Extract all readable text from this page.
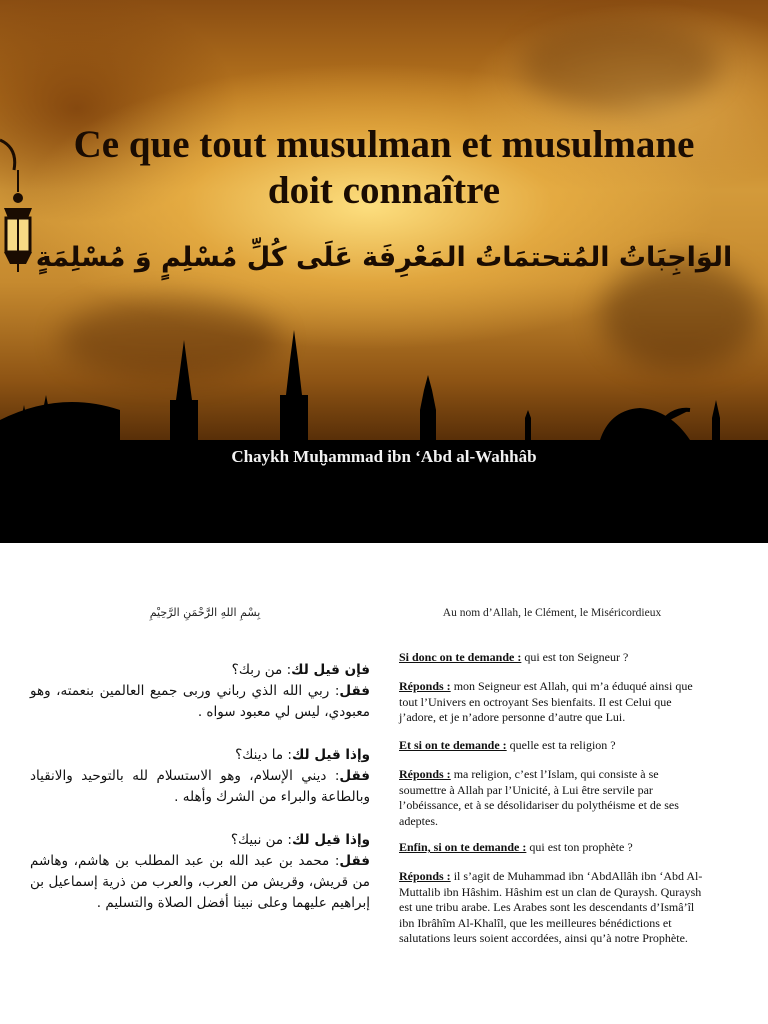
Ce que tout musulman et musulmane
doit connaître
الوَاجِبَاتُ المُتحتمَاتُ المَعْرِفَة عَلَى كُلِّ مُسْلِمٍ وَ مُسْلِمَةٍ
Chaykh Muḫammad ibn ‘Abd al-Wahhâb
بِسْمِ اللهِ الرَّحْمَنِ الرَّحِيْمِ	Au nom d’Allah, le Clément, le Miséricordieux

فإن قيل لك: من ربك؟

فقل: ربي الله الذي رباني وربى جميع العالمين بنعمته، وهو معبودي، ليس لي معبود سواه .

وإذا قيل لك: ما دينك؟

فقل: ديني الإسلام، وهو الاستسلام لله بالتوحيد والانقياد وبالطاعة والبراء من الشرك وأهله .

وإذا قيل لك: من نبيك؟

فقل: محمد بن عبد الله بن عبد المطلب بن هاشم، وهاشم من قريش، وقريش من العرب، والعرب من ذرية إسماعيل بن إبراهيم عليهما وعلى نبينا أفضل الصلاة والتسليم .

Si donc on te demande : qui est ton Seigneur ?

Réponds : mon Seigneur est Allah, qui m’a éduqué ainsi que tout l’Univers en octroyant Ses bienfaits. Il est Celui que j’adore, et je n’adore personne d’autre que Lui.

Et si on te demande : quelle est ta religion ?

Réponds : ma religion, c’est l’Islam, qui consiste à se soumettre à Allah par l’Unicité, à Lui être servile par l’obéissance, et à se désolidariser du polythéisme et de ses adeptes.

Enfin, si on te demande : qui est ton prophète ?

Réponds : il s’agit de Muhammad ibn ‘AbdAllâh ibn ‘Abd Al-Muttalib ibn Hâshim. Hâshim est un clan de Quraysh. Quraysh est une tribu arabe. Les Arabes sont les descendants d’Ismâ’îl ibn Ibrâhîm Al-Khalîl, que les meilleures bénédictions et salutations leurs soient accordées, ainsi qu’à notre Prophète.
